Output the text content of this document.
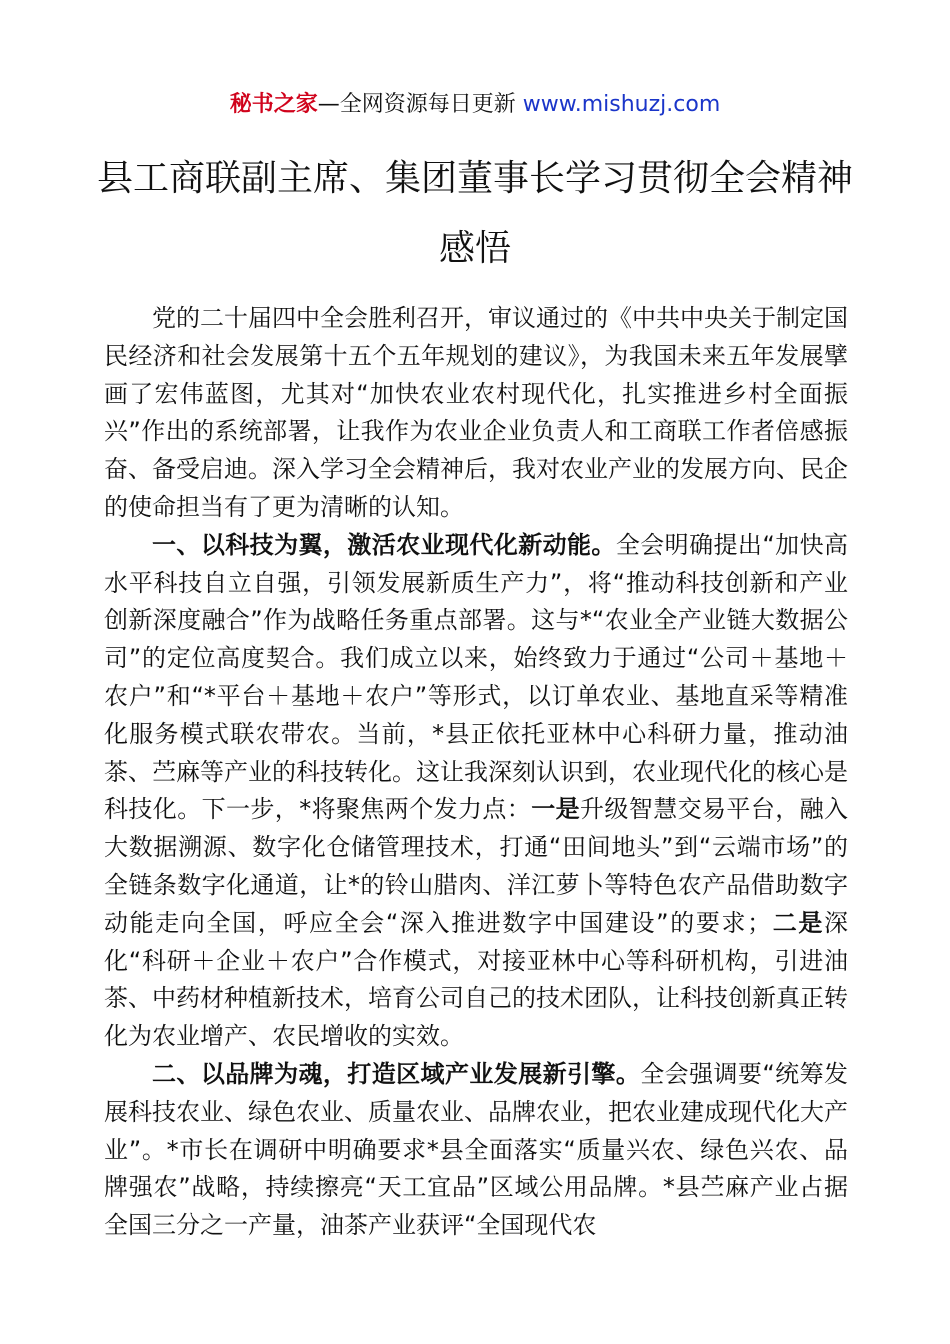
秘书之家—全网资源每日更新 www.mishuzj.com
县工商联副主席、集团董事长学习贯彻全会精神
感悟

党的二十届四中全会胜利召开，审议通过的《中共中央关于制定国民经济和社会发展第十五个五年规划的建议》，为我国未来五年发展擘画了宏伟蓝图，尤其对“加快农业农村现代化，扎实推进乡村全面振兴”作出的系统部署，让我作为农业企业负责人和工商联工作者倍感振奋、备受启迪。深入学习全会精神后，我对农业产业的发展方向、民企的使命担当有了更为清晰的认知。

一、以科技为翼，激活农业现代化新动能。全会明确提出“加快高水平科技自立自强，引领发展新质生产力”，将“推动科技创新和产业创新深度融合”作为战略任务重点部署。这与*“农业全产业链大数据公司”的定位高度契合。我们成立以来，始终致力于通过“公司＋基地＋农户”和“*平台＋基地＋农户”等形式，以订单农业、基地直采等精准化服务模式联农带农。当前，*县正依托亚林中心科研力量，推动油茶、苎麻等产业的科技转化。这让我深刻认识到，农业现代化的核心是科技化。下一步，*将聚焦两个发力点：一是升级智慧交易平台，融入大数据溯源、数字化仓储管理技术，打通“田间地头”到“云端市场”的全链条数字化通道，让*的铃山腊肉、洋江萝卜等特色农产品借助数字动能走向全国，呼应全会“深入推进数字中国建设”的要求；二是深化“科研＋企业＋农户”合作模式，对接亚林中心等科研机构，引进油茶、中药材种植新技术，培育公司自己的技术团队，让科技创新真正转化为农业增产、农民增收的实效。

二、以品牌为魂，打造区域产业发展新引擎。全会强调要“统筹发展科技农业、绿色农业、质量农业、品牌农业，把农业建成现代化大产业”。*市长在调研中明确要求*县全面落实“质量兴农、绿色兴农、品牌强农”战略，持续擦亮“天工宜品”区域公用品牌。*县苎麻产业占据全国三分之一产量，油茶产业获评“全国现代农
